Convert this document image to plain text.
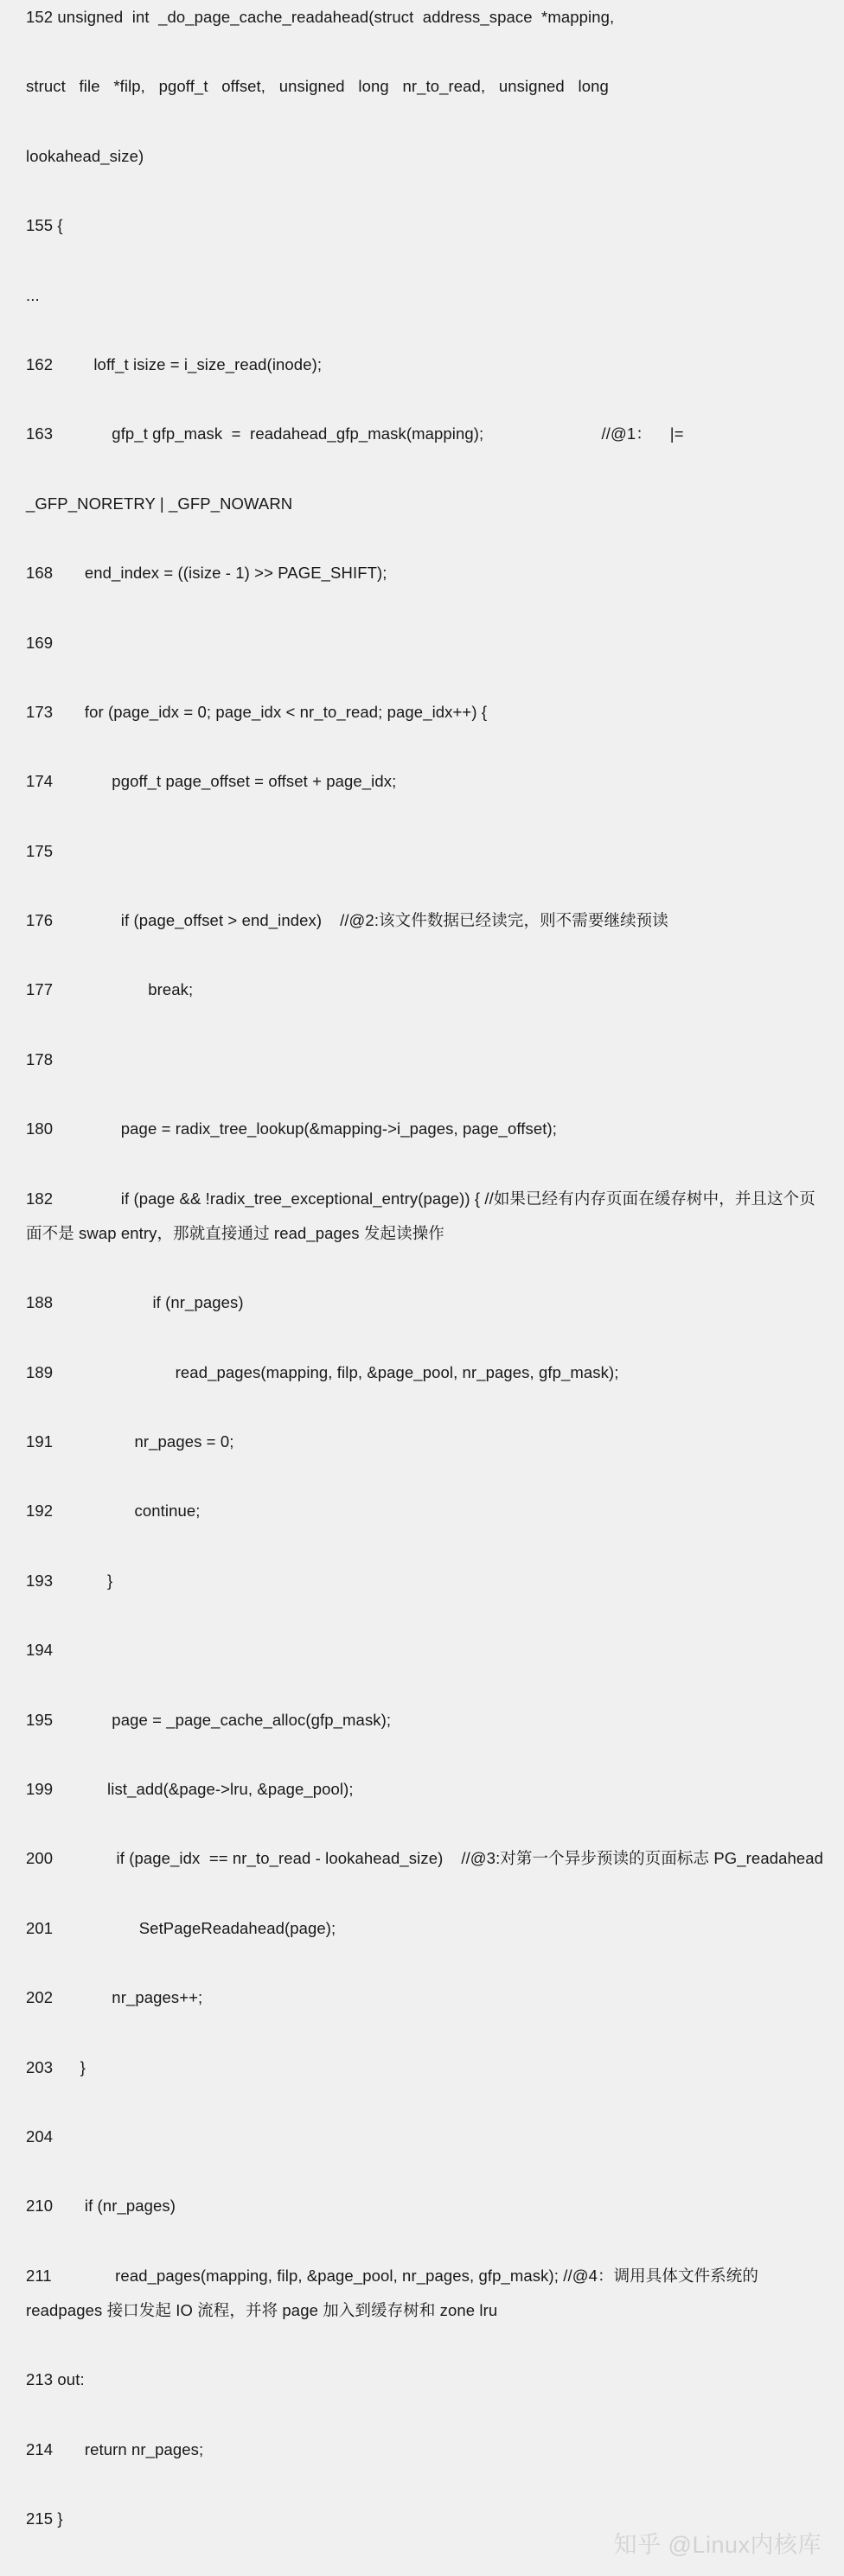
152 unsigned  int  _do_page_cache_readahead(struct  address_space  *mapping,
struct   file   *filp,   pgoff_t   offset,   unsigned   long   nr_to_read,   unsigned   long
lookahead_size)
155 {
...
162         loff_t isize = i_size_read(inode);
163             gfp_t gfp_mask  =  readahead_gfp_mask(mapping);                          //@1：    |=
_GFP_NORETRY | _GFP_NOWARN
168       end_index = ((isize - 1) >> PAGE_SHIFT);
169
173       for (page_idx = 0; page_idx < nr_to_read; page_idx++) {
174             pgoff_t page_offset = offset + page_idx;
175
176               if (page_offset > end_index)    //@2:该文件数据已经读完，则不需要继续预读
177                     break;
178
180               page = radix_tree_lookup(&mapping->i_pages, page_offset);
182               if (page && !radix_tree_exceptional_entry(page)) { //如果已经有内存页面在缓存树中，并且这个页面不是 swap entry，那就直接通过 read_pages 发起读操作
188                      if (nr_pages)
189                           read_pages(mapping, filp, &page_pool, nr_pages, gfp_mask);
191                  nr_pages = 0;
192                  continue;
193            }
194
195             page = _page_cache_alloc(gfp_mask);
199            list_add(&page->lru, &page_pool);
200              if (page_idx  == nr_to_read - lookahead_size)    //@3:对第一个异步预读的页面标志 PG_readahead
201                   SetPageReadahead(page);
202             nr_pages++;
203      }
204
210       if (nr_pages)
211              read_pages(mapping, filp, &page_pool, nr_pages, gfp_mask); //@4：调用具体文件系统的 readpages 接口发起 IO 流程，并将 page 加入到缓存树和 zone lru
213 out:
214       return nr_pages;
215 }
知乎 @Linux内核库
